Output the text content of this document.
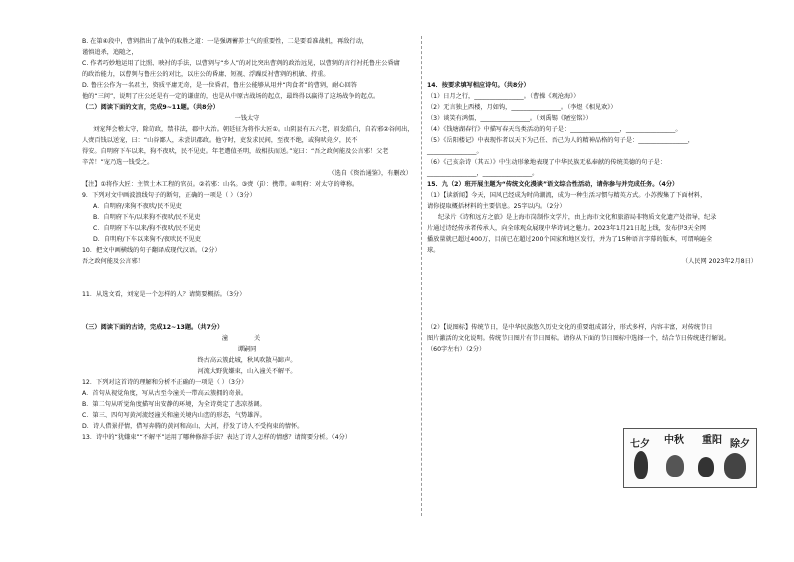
B. 在第④段中，曹刿指出了战争的取胜之道：一是强调蓄养士气的重要性，二是要看准战机，再敌行动，

谨慎追杀，追随之，

C. 作者巧妙地运用了比照、映衬的手法，以曹刿与“乡人”的对比突出曹刿的政治远见，以曹刿的言行衬托鲁庄公昏庸

的政治能力，以曹刿与鲁庄公的对比，以庄公的昏庸、短视、浮躁反衬曹刿的机敏、持重。

D. 鲁庄公作为一名君主，资质平庸无奇，是一位昏君，鲁庄公能够从用并“肉食者”的曹刿，耐心回答

他的“三问”，说明了庄公还是有一定的谦虚的，也是从中原古战场的起点，最终得以赢得了这场战争的起点。

（二）阅读下面的文言，完成9~11题。（共8分）

一钱太守

刘宠拜会稽太守，除苛政，禁非法，郡中大治。朝廷征为将作大匠①。山阴县有五六老，眉发皓白，自若邪②谷间出，

人赍百钱以送宠，曰：“山谷鄙人，未尝识郡政。他守时，吏发求民间，至夜不绝，或狗吠竟夕，民不

得安。自明府下车以来，狗不夜吠，民不见吏。年老遭值圣明，故相扶而送。”宠曰：“吾之政何能及公言邪！父老

辛苦！”宠乃选一钱受之。

（选自《资治通鉴》，有删改）

【注】①将作大匠：主管土木工程的官员。②若邪：山名。③赍（jī）：携带。④明府：对太守的尊称。

9．下列对文中画波浪线句子的断句，正确的一项是（ ）（3分）

A．自明府/来狗不夜吠/民不见吏

B．自明府下车/以来狗不夜吠/民不见吏

C．自明府下车以来/狗不夜吠/民不见吏

D．自明府/下车以来狗不/夜吠民不见吏

10．把文中画横线的句子翻译成现代汉语。（2分）

吾之政何能及公言邪！

11．从选文看，刘宠是一个怎样的人？请简要概括。（3分）

（三）阅读下面的古诗，完成12~13题。（共7分）

潼 关

谭嗣同

终古高云簇此城，秋风吹散马蹄声。

河流大野犹嫌束，山入潼关不解平。

12．下列对这首诗的理解和分析不正确的一项是（ ）（3分）

A．首句从视觉角度，写从古至今潼关一带高云簇拥的奇景。

B．第二句从听觉角度描写出安静的环境，为全诗奠定了悲凉基调。

C．第三、四句写黄河流经潼关和潼关境内山峦的形态，气势雄浑。

D．诗人借景抒情，借写奔腾的黄河和高山、大河，抒发了诗人不受拘束的情怀。

13．诗中的“犹嫌束”“不解平”运用了哪种修辞手法？表达了诗人怎样的情感？请简要分析。（4分）

14．按要求填写相应诗句。（共8分）

（1）日月之行，________________。（曹操《观沧海》）

（2）无言独上西楼，月如钩，________________。（李煜《相见欢》）

（3）谈笑有鸿儒，________________。（刘禹锡《陋室铭》）

（4）《钱塘湖春行》中描写春天鸟类活动的句子是：________________，________________。

（5）《岳阳楼记》中表现作者以天下为己任、吾己为人的精神品格的句子是：________________，

________________。

（6）《己亥杂诗（其五）》中生动形象地表现了中华民族无私奉献的传统美德的句子是：

________________，________________。

15．九（2）班开展主题为“传统文化漫谈”语文综合性活动，请你参与并完成任务。（4分）

（1）【读新闻】今天，国风已经成为时尚潮流，成为一种生活习惯与精英方式。小苏搜集了下面材料，

请你提取概括材料的主要信息。25字以内。（2分）

纪录片《诗和远方之旅》是上海市岗制作文学片，由上海市文化和旅游局非物质文化遗产处指导，纪录

片通过诗经传承者传承人，向全球观众展现中华诗词之魅力。2023年1月21日起上线，发布伊3天全网

播放量就已超过400万，目前已在超过200个国家和地区发行，并为了15种语言字幕的版本，可谓响遍全

球。

（人民网 2023年2月8日）

（2）【说图标】传统节日，是中华民族悠久历史文化的重要组成部分，形式多样，内容丰富，对传统节日

图片激活的文化说明。传统节日图片有节日图标。请你从下面的节日图标中选择一个，结合节日传统进行解说。

（60字左右）（2分）

七夕 中秋 重阳 除夕
